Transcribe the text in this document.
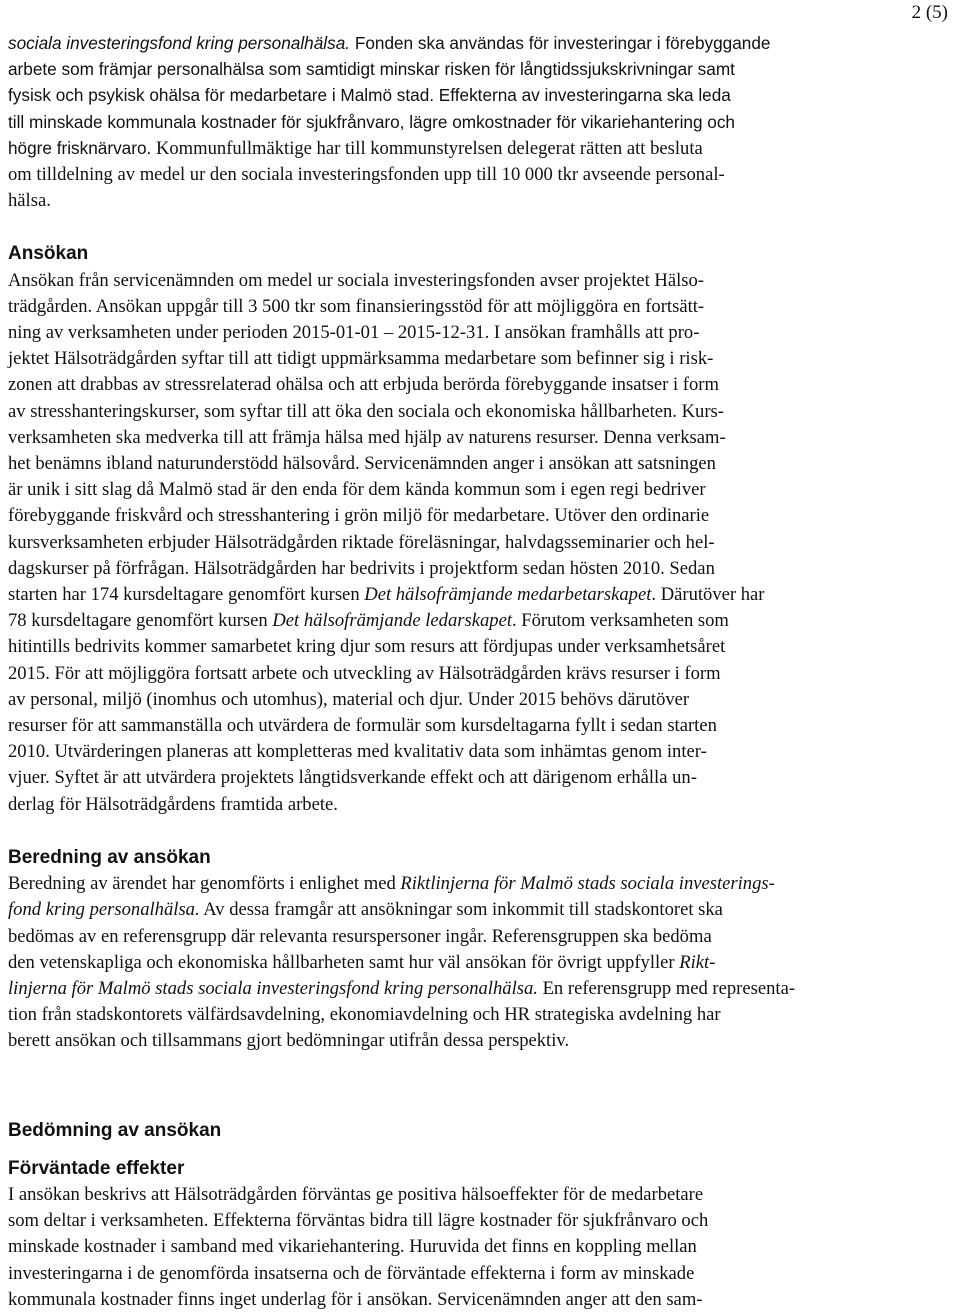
2 (5)

sociala investeringsfond kring personalhälsa. Fonden ska användas för investeringar i förebyggande
arbete som främjar personalhälsa som samtidigt minskar risken för långtidssjukskrivningar samt
fysisk och psykisk ohälsa för medarbetare i Malmö stad. Effekterna av investeringarna ska leda
till minskade kommunala kostnader för sjukfrånvaro, lägre omkostnader för vikariehantering och
högre frisknärvaro. Kommunfullmäktige har till kommunstyrelsen delegerat rätten att besluta
om tilldelning av medel ur den sociala investeringsfonden upp till 10 000 tkr avseende personal-
hälsa.

Ansökan

Ansökan från servicenämnden om medel ur sociala investeringsfonden avser projektet Hälso-
trädgården. Ansökan uppgår till 3 500 tkr som finansieringsstöd för att möjliggöra en fortsätt-
ning av verksamheten under perioden 2015-01-01 – 2015-12-31. I ansökan framhålls att pro-
jektet Hälsoträdgården syftar till att tidigt uppmärksamma medarbetare som befinner sig i risk-
zonen att drabbas av stressrelaterad ohälsa och att erbjuda berörda förebyggande insatser i form
av stresshanteringskurser, som syftar till att öka den sociala och ekonomiska hållbarheten. Kurs-
verksamheten ska medverka till att främja hälsa med hjälp av naturens resurser. Denna verksam-
het benämns ibland naturunderstödd hälsovård. Servicenämnden anger i ansökan att satsningen
är unik i sitt slag då Malmö stad är den enda för dem kända kommun som i egen regi bedriver
förebyggande friskvård och stresshantering i grön miljö för medarbetare. Utöver den ordinarie
kursverksamheten erbjuder Hälsoträdgården riktade föreläsningar, halvdagsseminarier och hel-
dagskurser på förfrågan. Hälsoträdgården har bedrivits i projektform sedan hösten 2010. Sedan
starten har 174 kursdeltagare genomfört kursen Det hälsofrämjande medarbetarskapet. Därutöver har
78 kursdeltagare genomfört kursen Det hälsofrämjande ledarskapet. Förutom verksamheten som
hitintills bedrivits kommer samarbetet kring djur som resurs att fördjupas under verksamhetsåret
2015. För att möjliggöra fortsatt arbete och utveckling av Hälsoträdgården krävs resurser i form
av personal, miljö (inomhus och utomhus), material och djur. Under 2015 behövs därutöver
resurser för att sammanställa och utvärdera de formulär som kursdeltagarna fyllt i sedan starten
2010. Utvärderingen planeras att kompletteras med kvalitativ data som inhämtas genom inter-
vjuer. Syftet är att utvärdera projektets långtidsverkande effekt och att därigenom erhålla un-
derlag för Hälsoträdgårdens framtida arbete.

Beredning av ansökan

Beredning av ärendet har genomförts i enlighet med Riktlinjerna för Malmö stads sociala investerings-
fond kring personalhälsa. Av dessa framgår att ansökningar som inkommit till stadskontoret ska
bedömas av en referensgrupp där relevanta resurspersoner ingår. Referensgruppen ska bedöma
den vetenskapliga och ekonomiska hållbarheten samt hur väl ansökan för övrigt uppfyller Rikt-
linjerna för Malmö stads sociala investeringsfond kring personalhälsa. En referensgrupp med representa-
tion från stadskontorets välfärdsavdelning, ekonomiavdelning och HR strategiska avdelning har
berett ansökan och tillsammans gjort bedömningar utifrån dessa perspektiv.

Bedömning av ansökan
Förväntade effekter

I ansökan beskrivs att Hälsoträdgården förväntas ge positiva hälsoeffekter för de medarbetare
som deltar i verksamheten. Effekterna förväntas bidra till lägre kostnader för sjukfrånvaro och
minskade kostnader i samband med vikariehantering. Huruvida det finns en koppling mellan
investeringarna i de genomförda insatserna och de förväntade effekterna i form av minskade
kommunala kostnader finns inget underlag för i ansökan. Servicenämnden anger att den sam-
